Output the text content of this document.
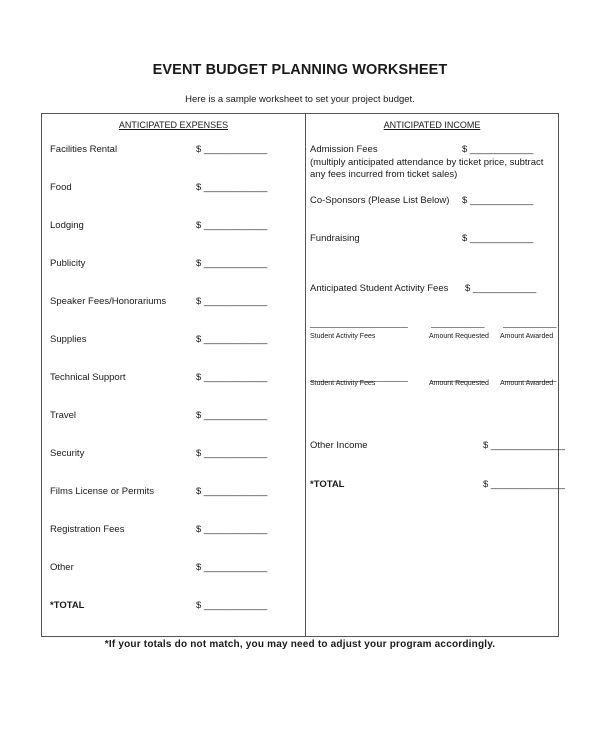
EVENT BUDGET PLANNING WORKSHEET
Here is a sample worksheet to set your project budget.
ANTICIPATED EXPENSES
Facilities Rental	$ ____________
Food	$ ____________
Lodging	$ ____________
Publicity	$ ____________
Speaker Fees/Honorariums	$ ____________
Supplies	$ ____________
Technical Support	$ ____________
Travel	$ ____________
Security	$ ____________
Films License or Permits	$ ____________
Registration Fees	$ ____________
Other	$ ____________
*TOTAL	$ ____________
ANTICIPATED INCOME
Admission Fees	$ ____________
(multiply anticipated attendance by ticket price, subtract
any fees incurred from ticket sales)
Co-Sponsors (Please List Below) $ ____________
Fundraising	$ ____________
Anticipated Student Activity Fees $ ____________
______________________	____________ ____________
Student Activity Fees	Amount Requested Amount Awarded
______________________	____________ ____________
Student Activity Fees	Amount Requested Amount Awarded
Other Income	$ ______________
*TOTAL	$ ______________
*If your totals do not match, you may need to adjust your program accordingly.
